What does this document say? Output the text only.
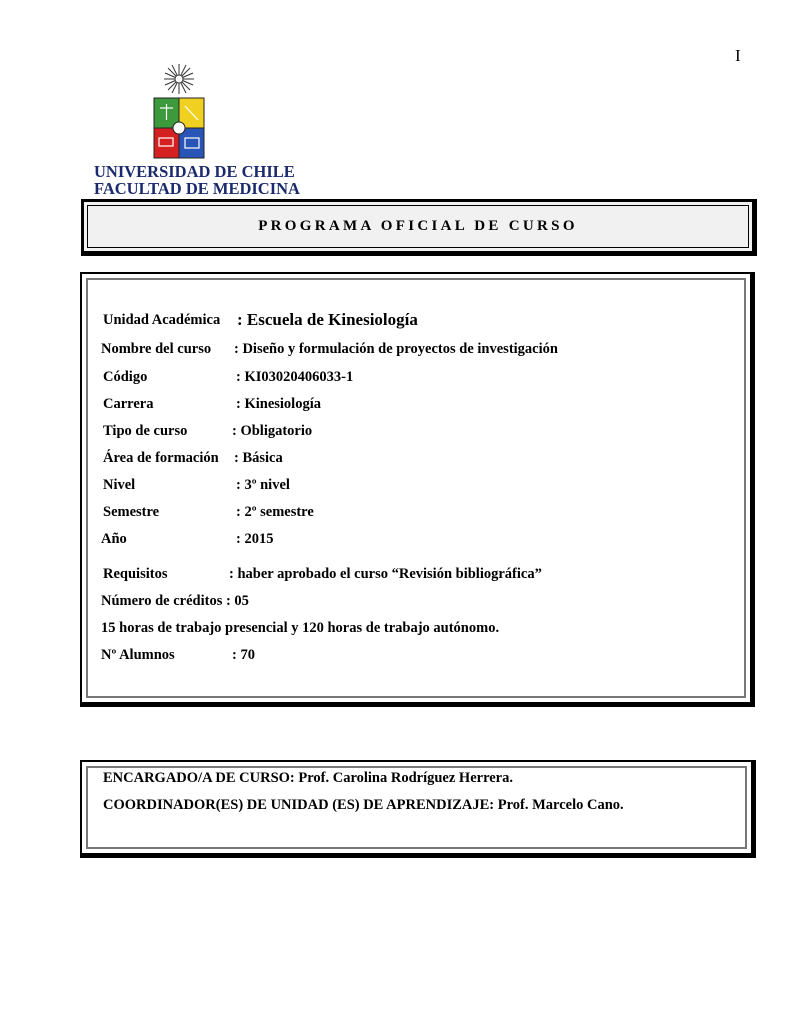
I
UNIVERSIDAD DE CHILE
FACULTAD DE MEDICINA
PROGRAMA OFICIAL DE CURSO
Unidad Académica : Escuela de Kinesiología
Nombre del curso : Diseño y formulación de proyectos de investigación
Código	: KI03020406033-1
Carrera	: Kinesiología
Tipo de curso	: Obligatorio
Área de formación : Básica
Nivel	: 3º nivel
Semestre	: 2º semestre
Año	: 2015
Requisitos	: haber aprobado el curso “Revisión bibliográfica”
Número de créditos : 05
15 horas de trabajo presencial y 120 horas de trabajo autónomo.
Nº Alumnos	: 70
ENCARGADO/A DE CURSO: Prof. Carolina Rodríguez Herrera.
COORDINADOR(ES) DE UNIDAD (ES) DE APRENDIZAJE: Prof. Marcelo Cano.
